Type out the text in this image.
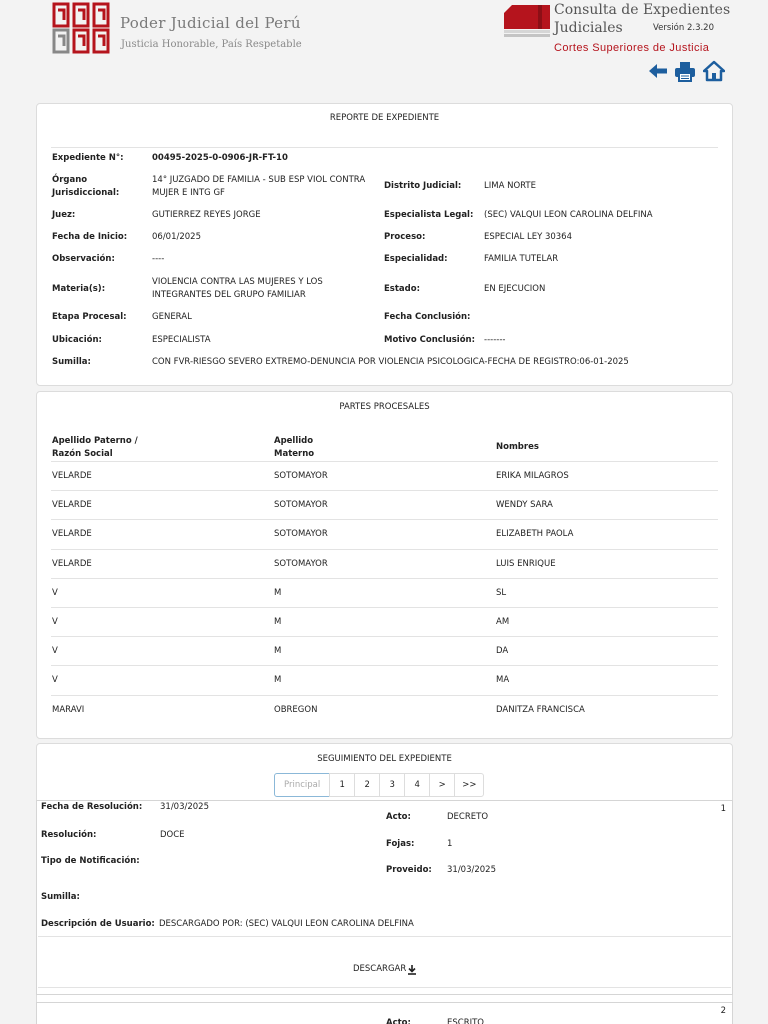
Poder Judicial del Perú
Justicia Honorable, País Respetable
Consulta de Expedientes
Judiciales	Versión 2.3.20
Cortes Superiores de Justicia
REPORTE DE EXPEDIENTE
Expediente N°:	00495-2025-0-0906-JR-FT-10
Órgano
Jurisdiccional:
14° JUZGADO DE FAMILIA - SUB ESP VIOL CONTRA
MUJER E INTG GF
Distrito Judicial:	LIMA NORTE
Juez:	GUTIERREZ REYES JORGE	Especialista Legal: (SEC) VALQUI LEON CAROLINA DELFINA
Fecha de Inicio:	06/01/2025	Proceso:	ESPECIAL LEY 30364
Observación:	----	Especialidad:	FAMILIA TUTELAR
Materia(s):
VIOLENCIA CONTRA LAS MUJERES Y LOS
INTEGRANTES DEL GRUPO FAMILIAR
Estado:	EN EJECUCION
Etapa Procesal:	GENERAL	Fecha Conclusión:
Ubicación:	ESPECIALISTA	Motivo Conclusión: -------
Sumilla:	CON FVR-RIESGO SEVERO EXTREMO-DENUNCIA POR VIOLENCIA PSICOLOGICA-FECHA DE REGISTRO:06-01-2025
PARTES PROCESALES
Apellido Paterno /
Razón Social
Apellido
Materno
Nombres
VELARDE	SOTOMAYOR	ERIKA MILAGROS
VELARDE	SOTOMAYOR	WENDY SARA
VELARDE	SOTOMAYOR	ELIZABETH PAOLA
VELARDE	SOTOMAYOR	LUIS ENRIQUE
V	M	SL
V	M	AM
V	M	DA
V	M	MA
MARAVI	OBREGON	DANITZA FRANCISCA
SEGUIMIENTO DEL EXPEDIENTE
Principal	1	2	3	4	>	>>
1
Fecha de Resolución: 31/03/2025
Acto:	DECRETO
Resolución:	DOCE
Fojas:	1
Tipo de Notificación:
Proveido: 31/03/2025
Sumilla:
Descripción de Usuario: DESCARGADO POR: (SEC) VALQUI LEON CAROLINA DELFINA
DESCARGAR
2
Acto:	ESCRITO
